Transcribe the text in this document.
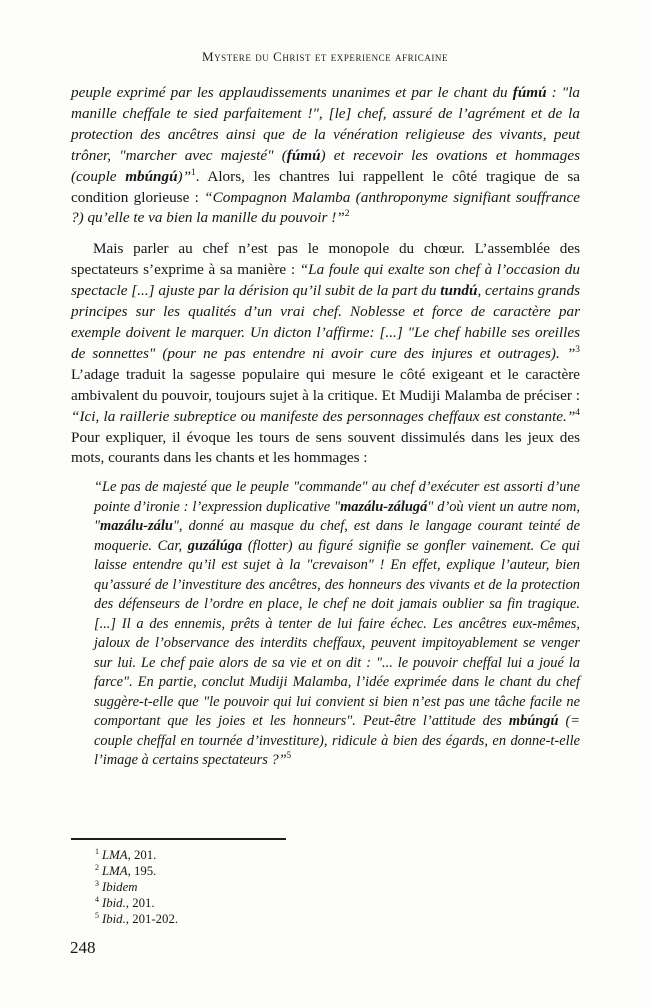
Mystere du Christ et experience africaine

peuple exprimé par les applaudissements unanimes et par le chant du fúmú : "la manille cheffale te sied parfaitement !", [le] chef, assuré de l’agrément et de la protection des ancêtres ainsi que de la vénération religieuse des vivants, peut trôner, "marcher avec majesté" (fúmú) et recevoir les ovations et hommages (couple mbúngú)”$^1$. Alors, les chantres lui rappellent le côté tragique de sa condition glorieuse : “Compagnon Malamba (anthroponyme signifiant souffrance ?) qu’elle te va bien la manille du pouvoir !”$^2$

Mais parler au chef n’est pas le monopole du chœur. L’assemblée des spectateurs s’exprime à sa manière : “La foule qui exalte son chef à l’occasion du spectacle [...] ajuste par la dérision qu’il subit de la part du tundú, certains grands principes sur les qualités d’un vrai chef. Noblesse et force de caractère par exemple doivent le marquer. Un dicton l’affirme: [...] "Le chef habille ses oreilles de sonnettes" (pour ne pas entendre ni avoir cure des injures et outrages). ”$^3$ L’adage traduit la sagesse populaire qui mesure le côté exigeant et le caractère ambivalent du pouvoir, toujours sujet à la critique. Et Mudiji Malamba de préciser : “Ici, la raillerie subreptice ou manifeste des personnages cheffaux est constante.”$^4$ Pour expliquer, il évoque les tours de sens souvent dissimulés dans les jeux des mots, courants dans les chants et les hommages :

“Le pas de majesté que le peuple "commande" au chef d’exécuter est assorti d’une pointe d’ironie : l’expression duplicative "mazálu-zálugá" d’où vient un autre nom, "mazálu-zálu", donné au masque du chef, est dans le langage courant teinté de moquerie. Car, guzálúga (flotter) au figuré signifie se gonfler vainement. Ce qui laisse entendre qu’il est sujet à la "crevaison" ! En effet, explique l’auteur, bien qu’assuré de l’investiture des ancêtres, des honneurs des vivants et de la protection des défenseurs de l’ordre en place, le chef ne doit jamais oublier sa fin tragique. [...] Il a des ennemis, prêts à tenter de lui faire échec. Les ancêtres eux-mêmes, jaloux de l’observance des interdits cheffaux, peuvent impitoyablement se venger sur lui. Le chef paie alors de sa vie et on dit : "... le pouvoir cheffal lui a joué la farce". En partie, conclut Mudiji Malamba, l’idée exprimée dans le chant du chef suggère-t-elle que "le pouvoir qui lui convient si bien n’est pas une tâche facile ne comportant que les joies et les honneurs". Peut-être l’attitude des mbúngú (= couple cheffal en tournée d’investiture), ridicule à bien des égards, en donne-t-elle l’image à certains spectateurs ?”$^5$

$^1$ LMA, 201.
$^2$ LMA, 195.
$^3$ Ibidem
$^4$ Ibid., 201.
$^5$ Ibid., 201-202.
248
